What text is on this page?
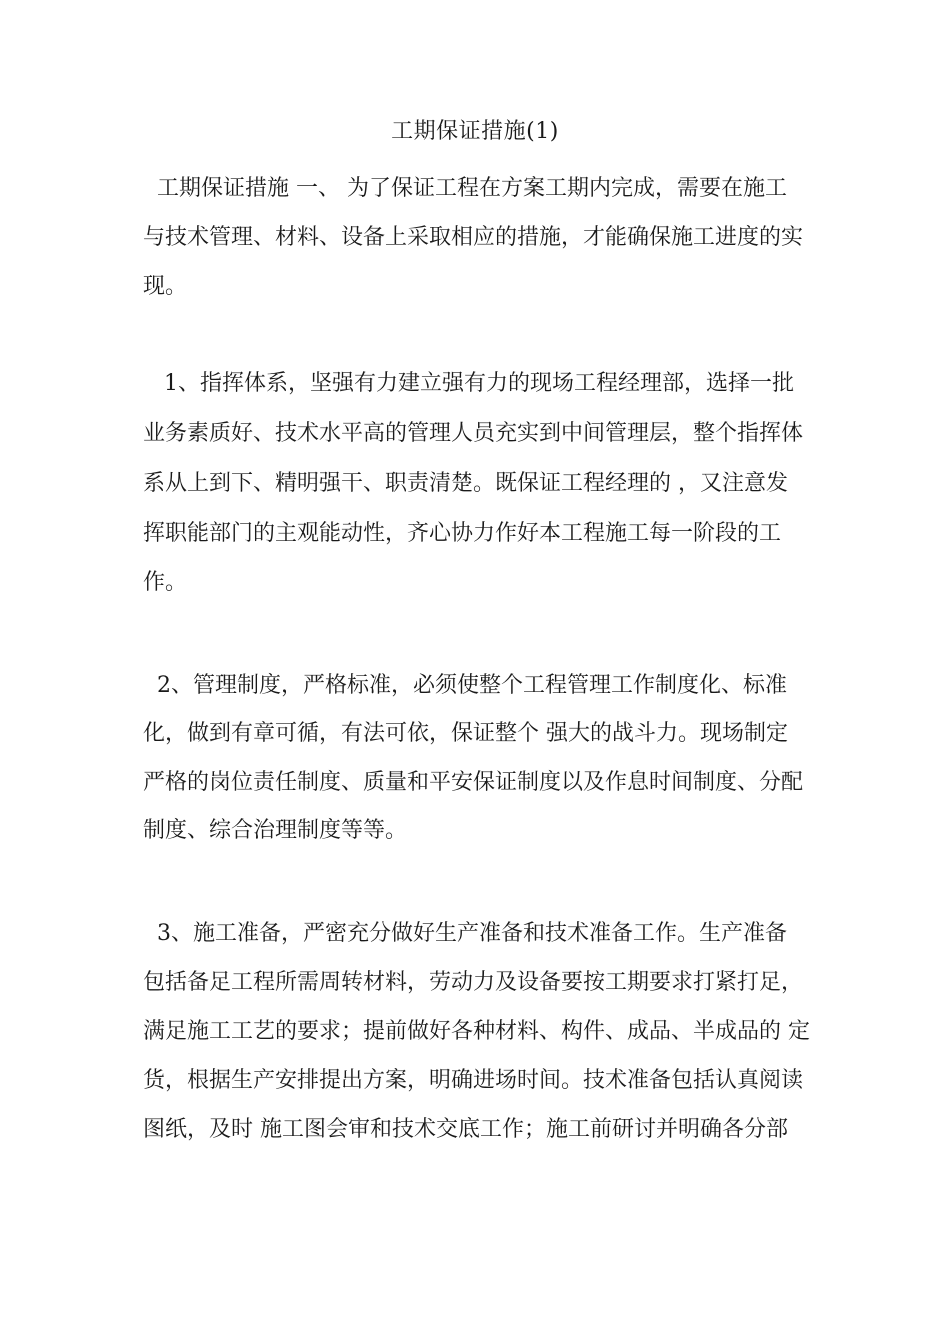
工期保证措施(1)
工期保证措施 一、 为了保证工程在方案工期内完成，需要在施工
与技术管理、材料、设备上采取相应的措施，才能确保施工进度的实
现。
1、指挥体系，坚强有力建立强有力的现场工程经理部，选择一批
业务素质好、技术水平高的管理人员充实到中间管理层，整个指挥体
系从上到下、精明强干、职责清楚。既保证工程经理的 ，又注意发
挥职能部门的主观能动性，齐心协力作好本工程施工每一阶段的工
作。
2、管理制度，严格标准，必须使整个工程管理工作制度化、标准
化，做到有章可循，有法可依，保证整个 强大的战斗力。现场制定
严格的岗位责任制度、质量和平安保证制度以及作息时间制度、分配
制度、综合治理制度等等。
3、施工准备，严密充分做好生产准备和技术准备工作。生产准备
包括备足工程所需周转材料，劳动力及设备要按工期要求打紧打足，
满足施工工艺的要求；提前做好各种材料、构件、成品、半成品的 定
货，根据生产安排提出方案，明确进场时间。技术准备包括认真阅读
图纸，及时 施工图会审和技术交底工作；施工前研讨并明确各分部
